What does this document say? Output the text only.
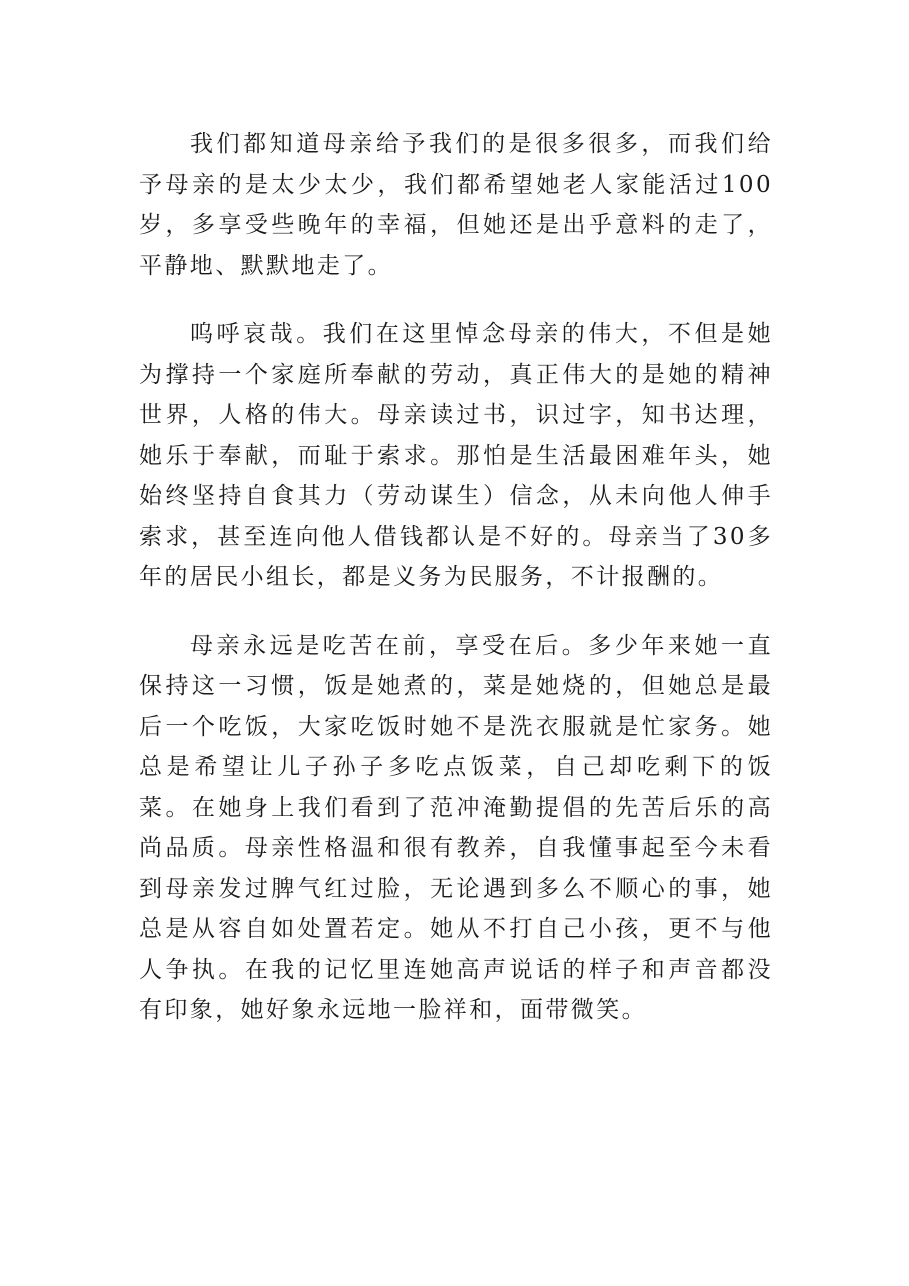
我们都知道母亲给予我们的是很多很多，而我们给予母亲的是太少太少，我们都希望她老人家能活过100岁，多享受些晚年的幸福，但她还是出乎意料的走了，平静地、默默地走了。

呜呼哀哉。我们在这里悼念母亲的伟大，不但是她为撑持一个家庭所奉献的劳动，真正伟大的是她的精神世界，人格的伟大。母亲读过书，识过字，知书达理，她乐于奉献，而耻于索求。那怕是生活最困难年头，她始终坚持自食其力（劳动谋生）信念，从未向他人伸手索求，甚至连向他人借钱都认是不好的。母亲当了30多年的居民小组长，都是义务为民服务，不计报酬的。

母亲永远是吃苦在前，享受在后。多少年来她一直保持这一习惯，饭是她煮的，菜是她烧的，但她总是最后一个吃饭，大家吃饭时她不是洗衣服就是忙家务。她总是希望让儿子孙子多吃点饭菜，自己却吃剩下的饭菜。在她身上我们看到了范冲淹勤提倡的先苦后乐的高尚品质。母亲性格温和很有教养，自我懂事起至今未看到母亲发过脾气红过脸，无论遇到多么不顺心的事，她总是从容自如处置若定。她从不打自己小孩，更不与他人争执。在我的记忆里连她高声说话的样子和声音都没有印象，她好象永远地一脸祥和，面带微笑。
